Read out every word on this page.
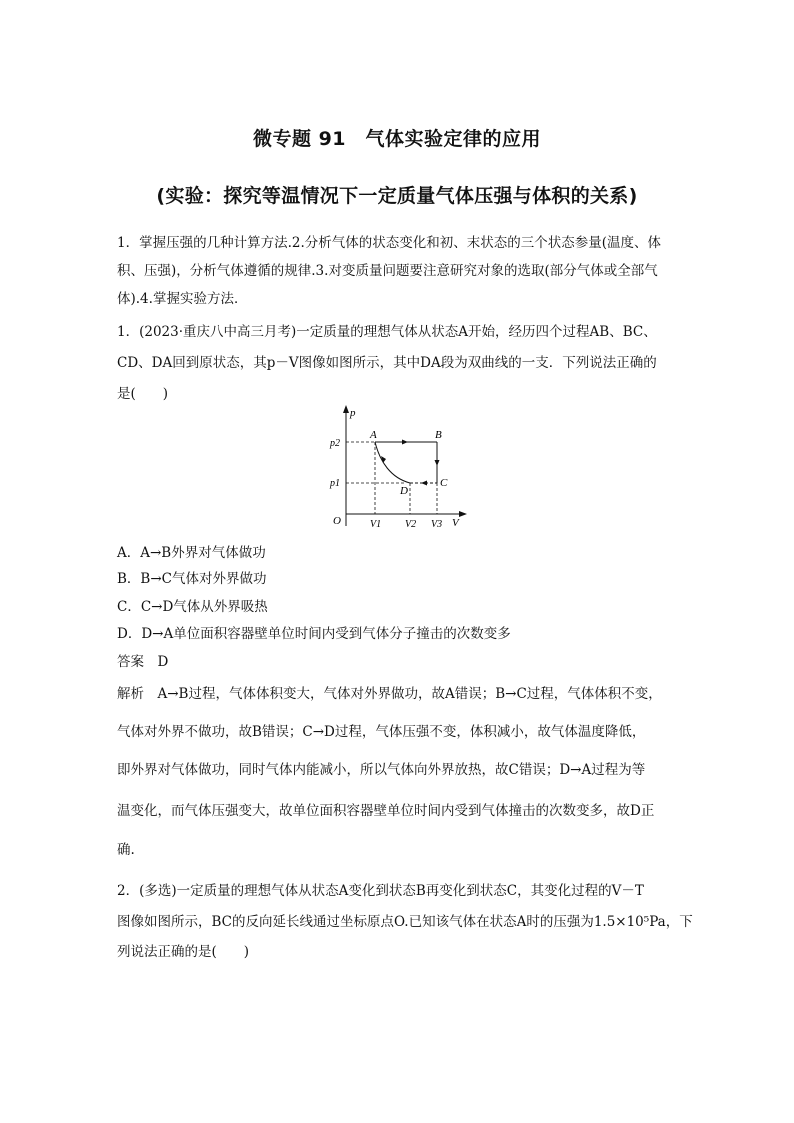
微专题 91　气体实验定律的应用
(实验：探究等温情况下一定质量气体压强与体积的关系)
1．掌握压强的几种计算方法.2.分析气体的状态变化和初、末状态的三个状态参量(温度、体
积、压强)，分析气体遵循的规律.3.对变质量问题要注意研究对象的选取(部分气体或全部气
体).4.掌握实验方法．
1．(2023·重庆八中高三月考)一定质量的理想气体从状态A开始，经历四个过程AB、BC、
CD、DA回到原状态，其p－V图像如图所示，其中DA段为双曲线的一支．下列说法正确的
是(　　)
p
V
O
p2
p1
A	B
C
D
V1 V2 V3
A．A→B外界对气体做功
B．B→C气体对外界做功
C．C→D气体从外界吸热
D．D→A单位面积容器壁单位时间内受到气体分子撞击的次数变多
答案  D
解析  A→B过程，气体体积变大，气体对外界做功，故A错误；B→C过程，气体体积不变，
气体对外界不做功，故B错误；C→D过程，气体压强不变，体积减小，故气体温度降低，
即外界对气体做功，同时气体内能减小，所以气体向外界放热，故C错误；D→A过程为等
温变化，而气体压强变大，故单位面积容器壁单位时间内受到气体撞击的次数变多，故D正
确.
2．(多选)一定质量的理想气体从状态A变化到状态B再变化到状态C，其变化过程的V－T
图像如图所示，BC的反向延长线通过坐标原点O.已知该气体在状态A时的压强为1.5×10⁵Pa，下
列说法正确的是(　　)
